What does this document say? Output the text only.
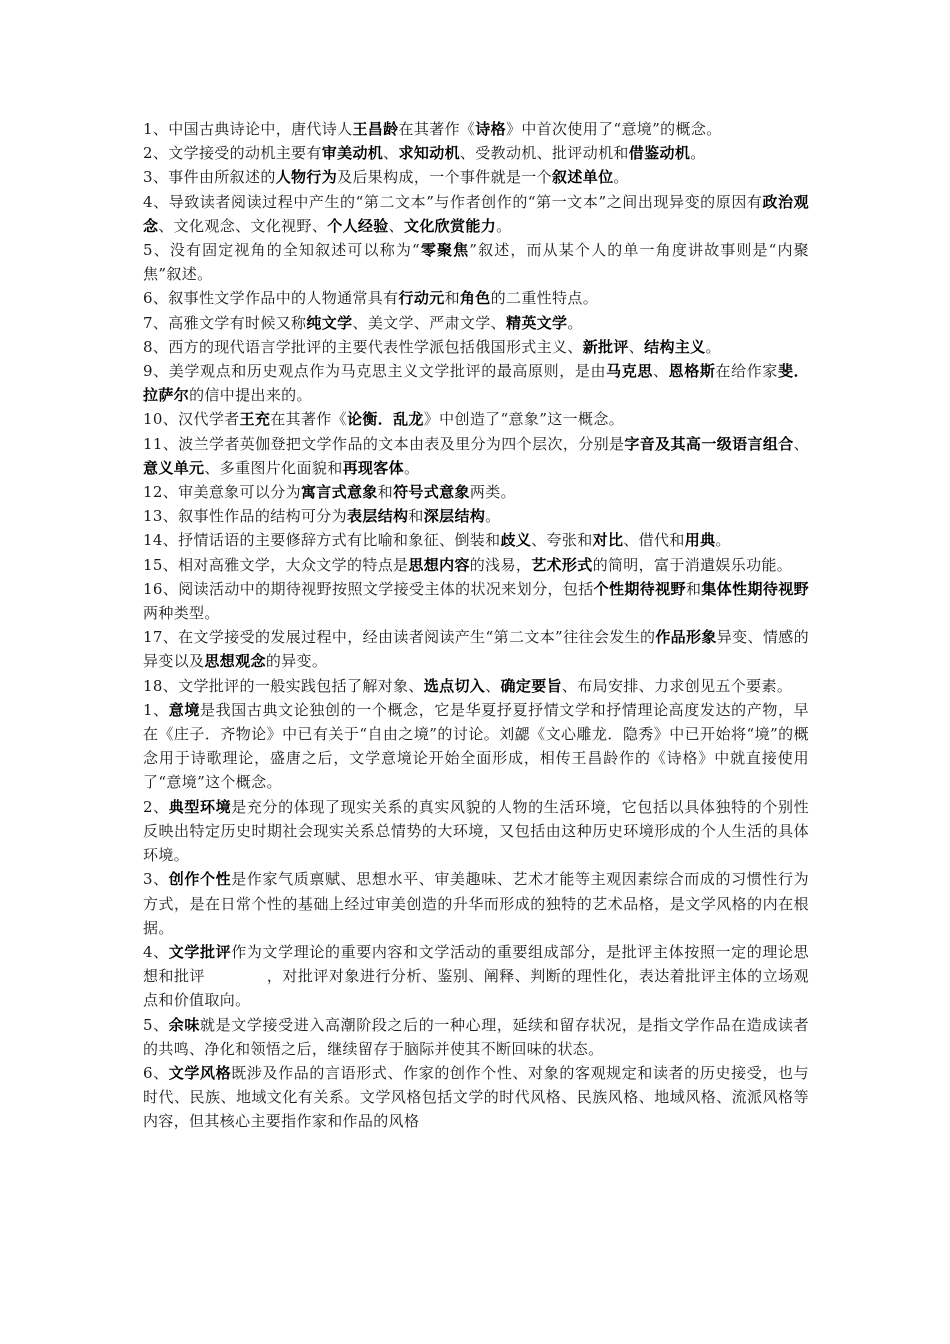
1、中国古典诗论中，唐代诗人王昌龄在其著作《诗格》中首次使用了“意境”的概念。

2、文学接受的动机主要有审美动机、求知动机、受教动机、批评动机和借鉴动机。

3、事件由所叙述的人物行为及后果构成，一个事件就是一个叙述单位。

4、导致读者阅读过程中产生的“第二文本”与作者创作的“第一文本”之间出现异变的原因有政治观念、文化观念、文化视野、个人经验、文化欣赏能力。

5、没有固定视角的全知叙述可以称为“零聚焦”叙述，而从某个人的单一角度讲故事则是“内聚焦”叙述。

6、叙事性文学作品中的人物通常具有行动元和角色的二重性特点。

7、高雅文学有时候又称纯文学、美文学、严肃文学、精英文学。

8、西方的现代语言学批评的主要代表性学派包括俄国形式主义、新批评、结构主义。

9、美学观点和历史观点作为马克思主义文学批评的最高原则，是由马克思、恩格斯在给作家斐．拉萨尔的信中提出来的。

10、汉代学者王充在其著作《论衡．乱龙》中创造了“意象”这一概念。

11、波兰学者英伽登把文学作品的文本由表及里分为四个层次，分别是字音及其高一级语言组合、意义单元、多重图片化面貌和再现客体。

12、审美意象可以分为寓言式意象和符号式意象两类。

13、叙事性作品的结构可分为表层结构和深层结构。

14、抒情话语的主要修辞方式有比喻和象征、倒装和歧义、夸张和对比、借代和用典。

15、相对高雅文学，大众文学的特点是思想内容的浅易，艺术形式的简明，富于消遣娱乐功能。

16、阅读活动中的期待视野按照文学接受主体的状况来划分，包括个性期待视野和集体性期待视野两种类型。

17、在文学接受的发展过程中，经由读者阅读产生“第二文本”往往会发生的作品形象异变、情感的异变以及思想观念的异变。

18、文学批评的一般实践包括了解对象、选点切入、确定要旨、布局安排、力求创见五个要素。

1、意境是我国古典文论独创的一个概念，它是华夏抒夏抒情文学和抒情理论高度发达的产物，早在《庄子．齐物论》中已有关于“自由之境”的讨论。刘勰《文心雕龙．隐秀》中已开始将“境”的概念用于诗歌理论，盛唐之后，文学意境论开始全面形成，相传王昌龄作的《诗格》中就直接使用了“意境”这个概念。

2、典型环境是充分的体现了现实关系的真实风貌的人物的生活环境，它包括以具体独特的个别性反映出特定历史时期社会现实关系总情势的大环境，又包括由这种历史环境形成的个人生活的具体环境。

3、创作个性是作家气质禀赋、思想水平、审美趣味、艺术才能等主观因素综合而成的习惯性行为方式，是在日常个性的基础上经过审美创造的升华而形成的独特的艺术品格，是文学风格的内在根据。

4、文学批评作为文学理论的重要内容和文学活动的重要组成部分，是批评主体按照一定的理论思想和批评　　　　，对批评对象进行分析、鉴别、阐释、判断的理性化，表达着批评主体的立场观点和价值取向。

5、余味就是文学接受进入高潮阶段之后的一种心理，延续和留存状况，是指文学作品在造成读者的共鸣、净化和领悟之后，继续留存于脑际并使其不断回味的状态。

6、文学风格既涉及作品的言语形式、作家的创作个性、对象的客观规定和读者的历史接受，也与时代、民族、地域文化有关系。文学风格包括文学的时代风格、民族风格、地域风格、流派风格等内容，但其核心主要指作家和作品的风格
